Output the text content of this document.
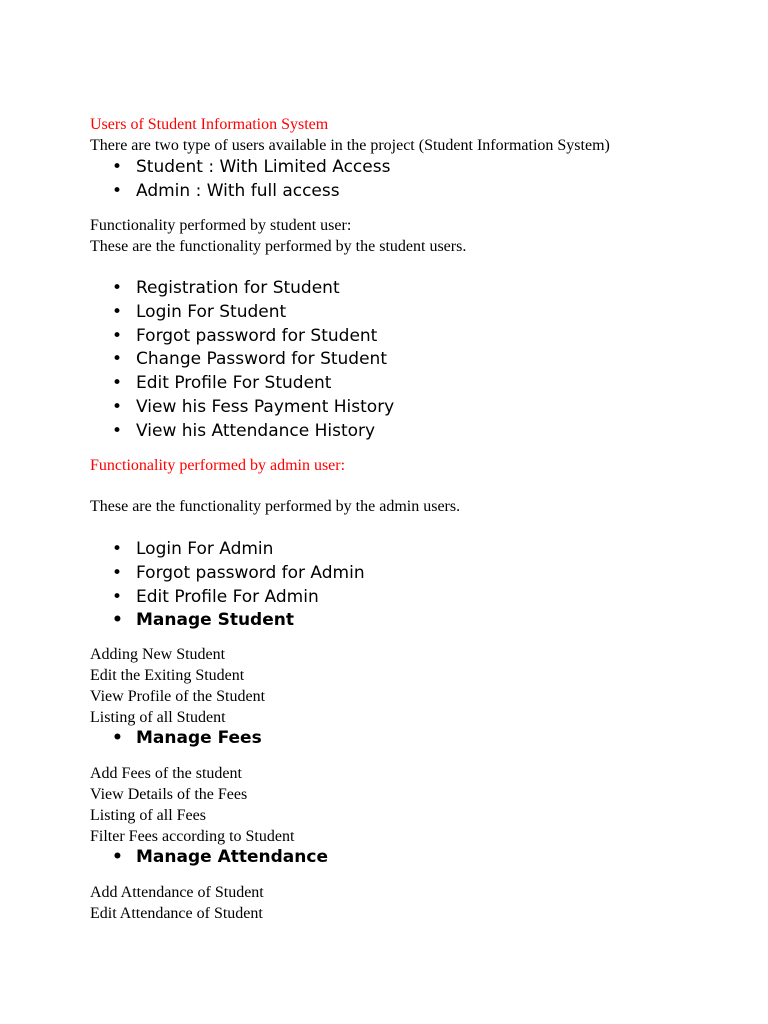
Users of Student Information System
There are two type of users available in the project (Student Information System)
• Student : With Limited Access
• Admin : With full access
Functionality performed by student user:
These are the functionality performed by the student users.
• Registration for Student
• Login For Student
• Forgot password for Student
• Change Password for Student
• Edit Profile For Student
• View his Fess Payment History
• View his Attendance History
Functionality performed by admin user:
These are the functionality performed by the admin users.
• Login For Admin
• Forgot password for Admin
• Edit Profile For Admin
• Manage Student
Adding New Student
Edit the Exiting Student
View Profile of the Student
Listing of all Student
• Manage Fees
Add Fees of the student
View Details of the Fees
Listing of all Fees
Filter Fees according to Student
• Manage Attendance
Add Attendance of Student
Edit Attendance of Student
